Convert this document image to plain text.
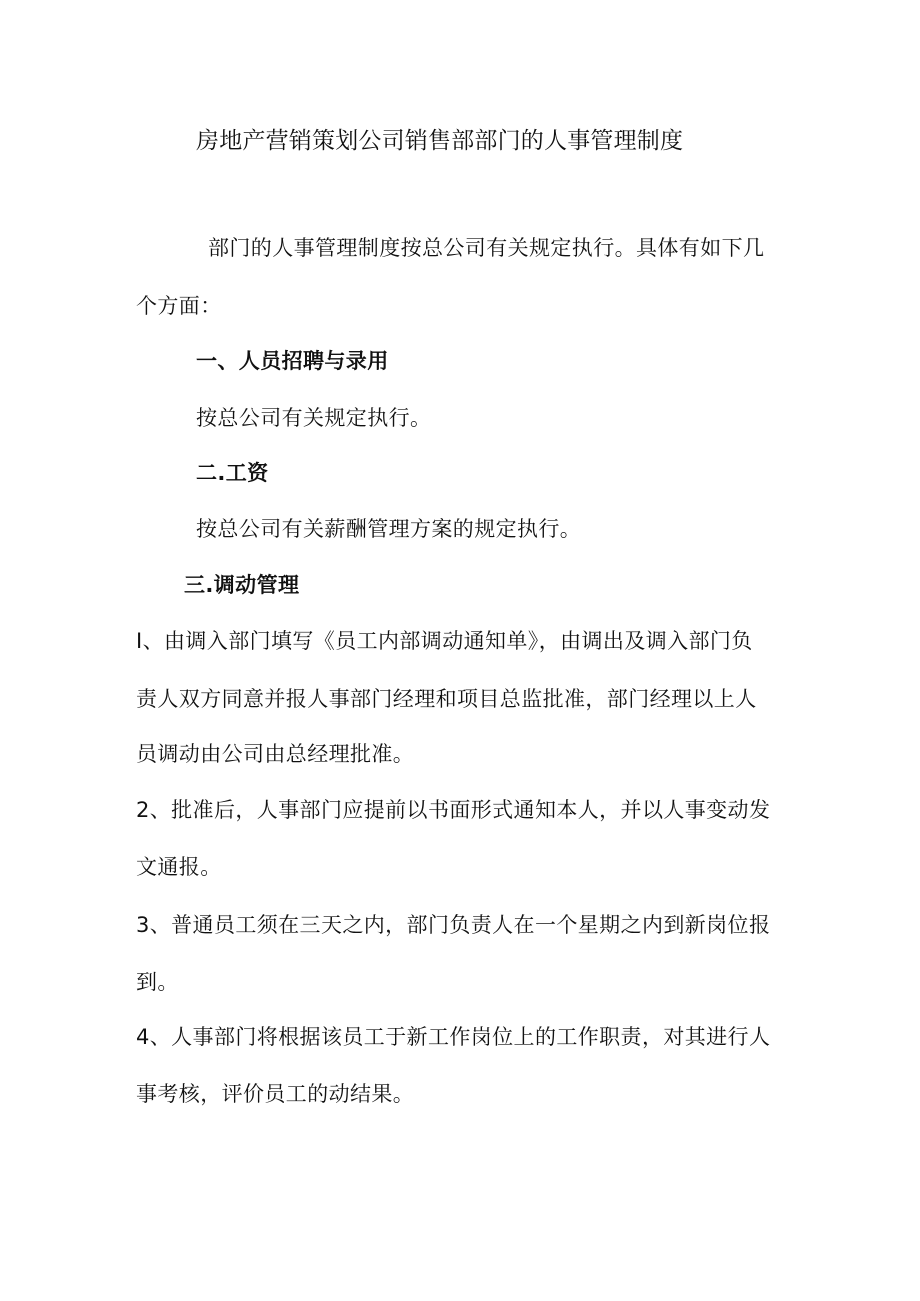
房地产营销策划公司销售部部门的人事管理制度
部门的人事管理制度按总公司有关规定执行。具体有如下几
个方面：
一、人员招聘与录用
按总公司有关规定执行。
二.工资
按总公司有关薪酬管理方案的规定执行。
三.调动管理
I、由调入部门填写《员工内部调动通知单》，由调出及调入部门负
责人双方同意并报人事部门经理和项目总监批准，部门经理以上人
员调动由公司由总经理批准。
2、批准后，人事部门应提前以书面形式通知本人，并以人事变动发
文通报。
3、普通员工须在三天之内，部门负责人在一个星期之内到新岗位报
到。
4、人事部门将根据该员工于新工作岗位上的工作职责，对其进行人
事考核，评价员工的动结果。
